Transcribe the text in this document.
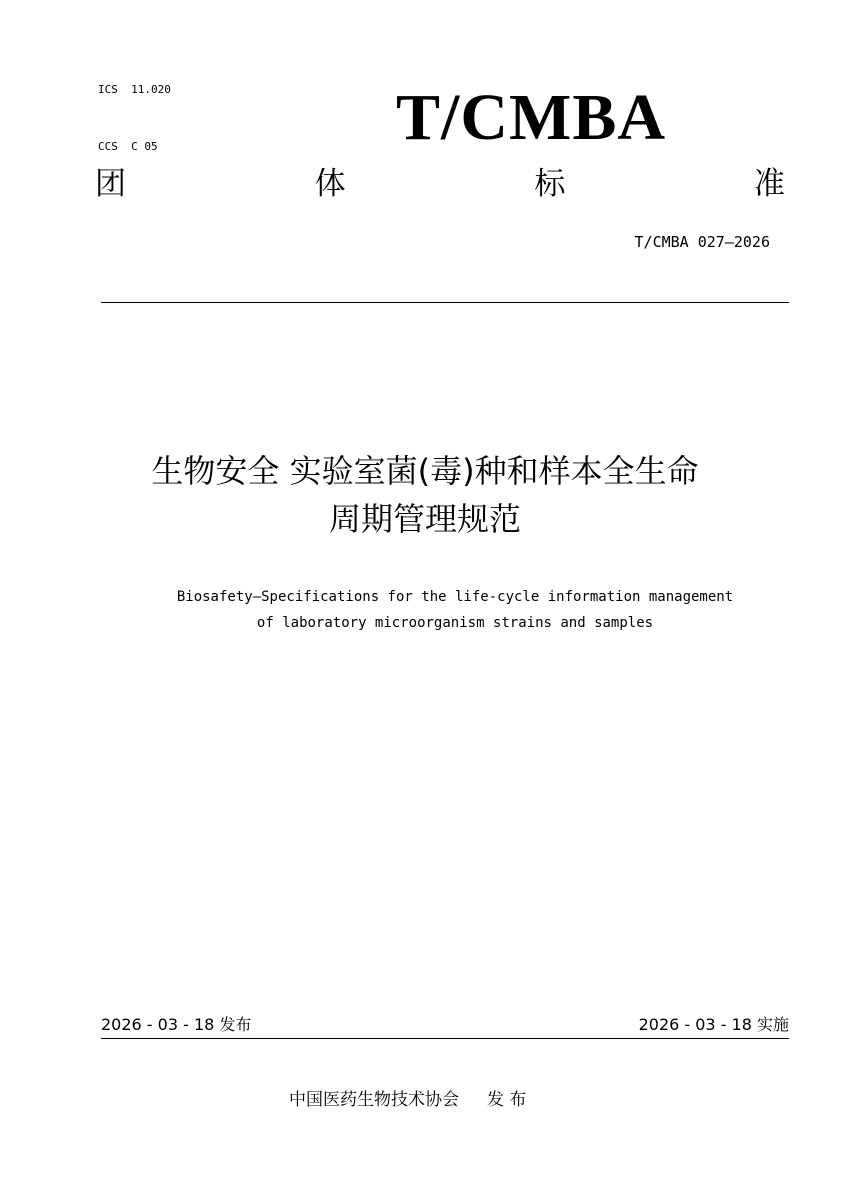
ICS  11.020

CCS  C 05	T/CMBA
团	体	标	准
T/CMBA 027—2026
生物安全 实验室菌(毒)种和样本全生命
周期管理规范
Biosafety—Specifications for the life-cycle information management
of laboratory microorganism strains and samples
2026 - 03 - 18 发布	2026 - 03 - 18 实施
中国医药生物技术协会 发 布
